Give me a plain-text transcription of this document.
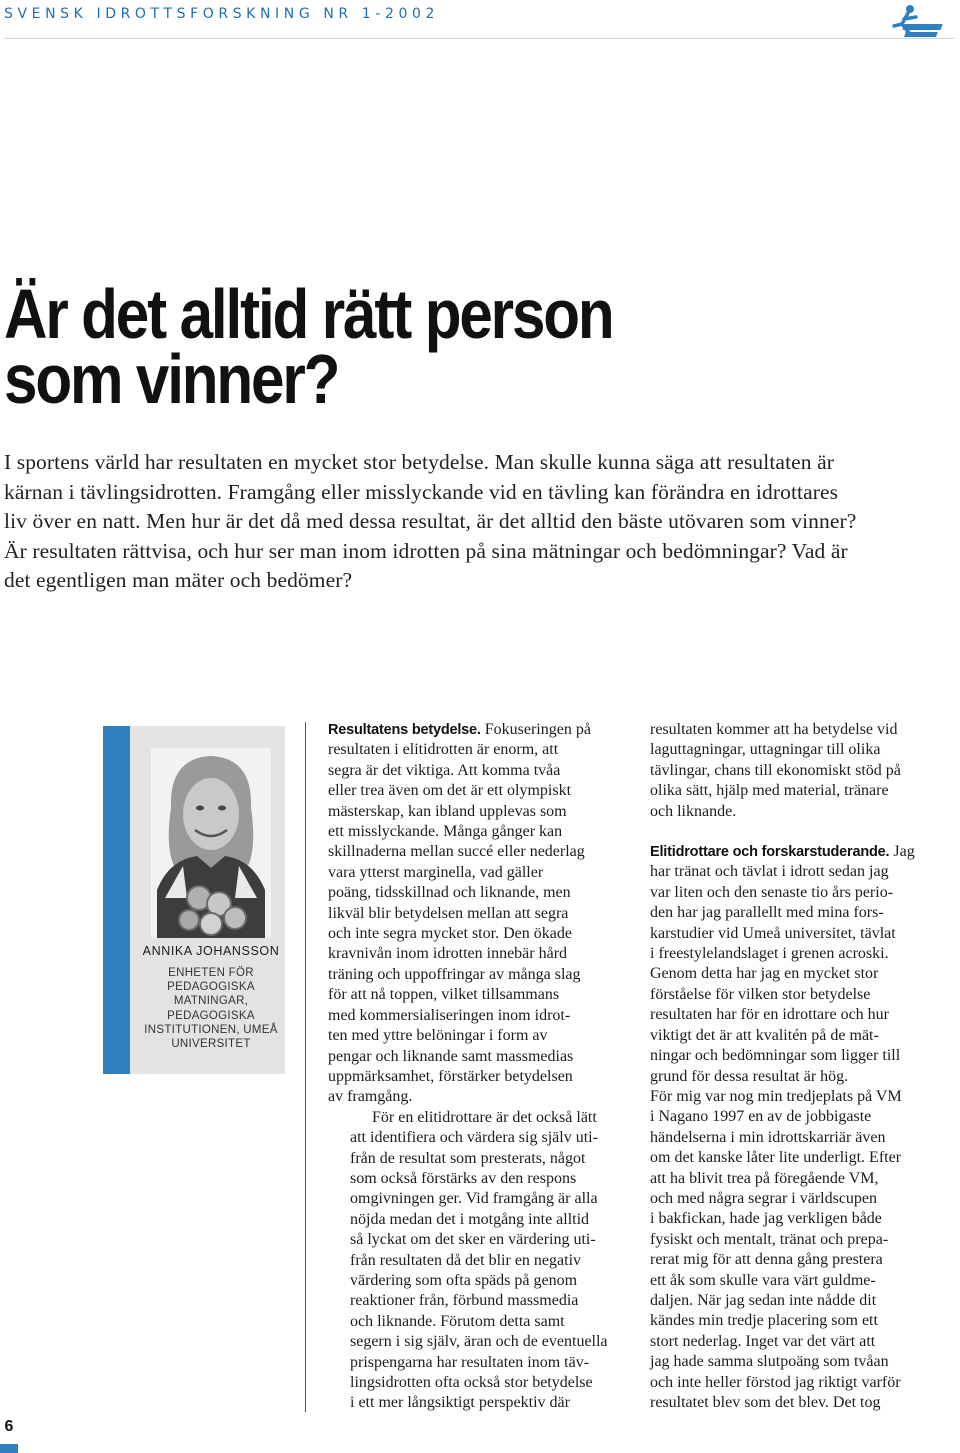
SVENSK IDROTTSFORSKNING NR 1-2002
Är det alltid rätt person
som vinner?

I sportens värld har resultaten en mycket stor betydelse. Man skulle kunna säga att resultaten är kärnan i tävlingsidrotten. Framgång eller misslyckande vid en tävling kan förändra en idrottares liv över en natt. Men hur är det då med dessa resultat, är det alltid den bäste utövaren som vinner? Är resultaten rättvisa, och hur ser man inom idrotten på sina mätningar och bedömningar? Vad är det egentligen man mäter och bedömer?

ANNIKA JOHANSSON
ENHETEN FÖR PEDAGOGISKA MATNINGAR, PEDAGOGISKA INSTITUTIONEN, UMEÅ UNIVERSITET

Resultatens betydelse. Fokuseringen på
resultaten i elitidrotten är enorm, att
segra är det viktiga. Att komma tvåa
eller trea även om det är ett olympiskt
mästerskap, kan ibland upplevas som
ett misslyckande. Många gånger kan
skillnaderna mellan succé eller nederlag
vara ytterst marginella, vad gäller
poäng, tidsskillnad och liknande, men
likväl blir betydelsen mellan att segra
och inte segra mycket stor. Den ökade
kravnivån inom idrotten innebär hård
träning och uppoffringar av många slag
för att nå toppen, vilket tillsammans
med kommersialiseringen inom idrot-
ten med yttre belöningar i form av
pengar och liknande samt massmedias
uppmärksamhet, förstärker betydelsen
av framgång.

För en elitidrottare är det också lätt
att identifiera och värdera sig själv uti-
från de resultat som presterats, något
som också förstärks av den respons
omgivningen ger. Vid framgång är alla
nöjda medan det i motgång inte alltid
så lyckat om det sker en värdering uti-
från resultaten då det blir en negativ
värdering som ofta späds på genom
reaktioner från, förbund massmedia
och liknande. Förutom detta samt
segern i sig själv, äran och de eventuella
prispengarna har resultaten inom täv-
lingsidrotten ofta också stor betydelse
i ett mer långsiktigt perspektiv där

resultaten kommer att ha betydelse vid
laguttagningar, uttagningar till olika
tävlingar, chans till ekonomiskt stöd på
olika sätt, hjälp med material, tränare
och liknande.

Elitidrottare och forskarstuderande. Jag
har tränat och tävlat i idrott sedan jag
var liten och den senaste tio års perio-
den har jag parallellt med mina fors-
karstudier vid Umeå universitet, tävlat
i freestylelandslaget i grenen acroski.
Genom detta har jag en mycket stor
förståelse för vilken stor betydelse
resultaten har för en idrottare och hur
viktigt det är att kvalitén på de mät-
ningar och bedömningar som ligger till
grund för dessa resultat är hög.
För mig var nog min tredjeplats på VM
i Nagano 1997 en av de jobbigaste
händelserna i min idrottskarriär även
om det kanske låter lite underligt. Efter
att ha blivit trea på föregående VM,
och med några segrar i världscupen
i bakfickan, hade jag verkligen både
fysiskt och mentalt, tränat och prepa-
rerat mig för att denna gång prestera
ett åk som skulle vara värt guldme-
daljen. När jag sedan inte nådde dit
kändes min tredje placering som ett
stort nederlag. Inget var det värt att
jag hade samma slutpoäng som tvåan
och inte heller förstod jag riktigt varför
resultatet blev som det blev. Det tog

6
